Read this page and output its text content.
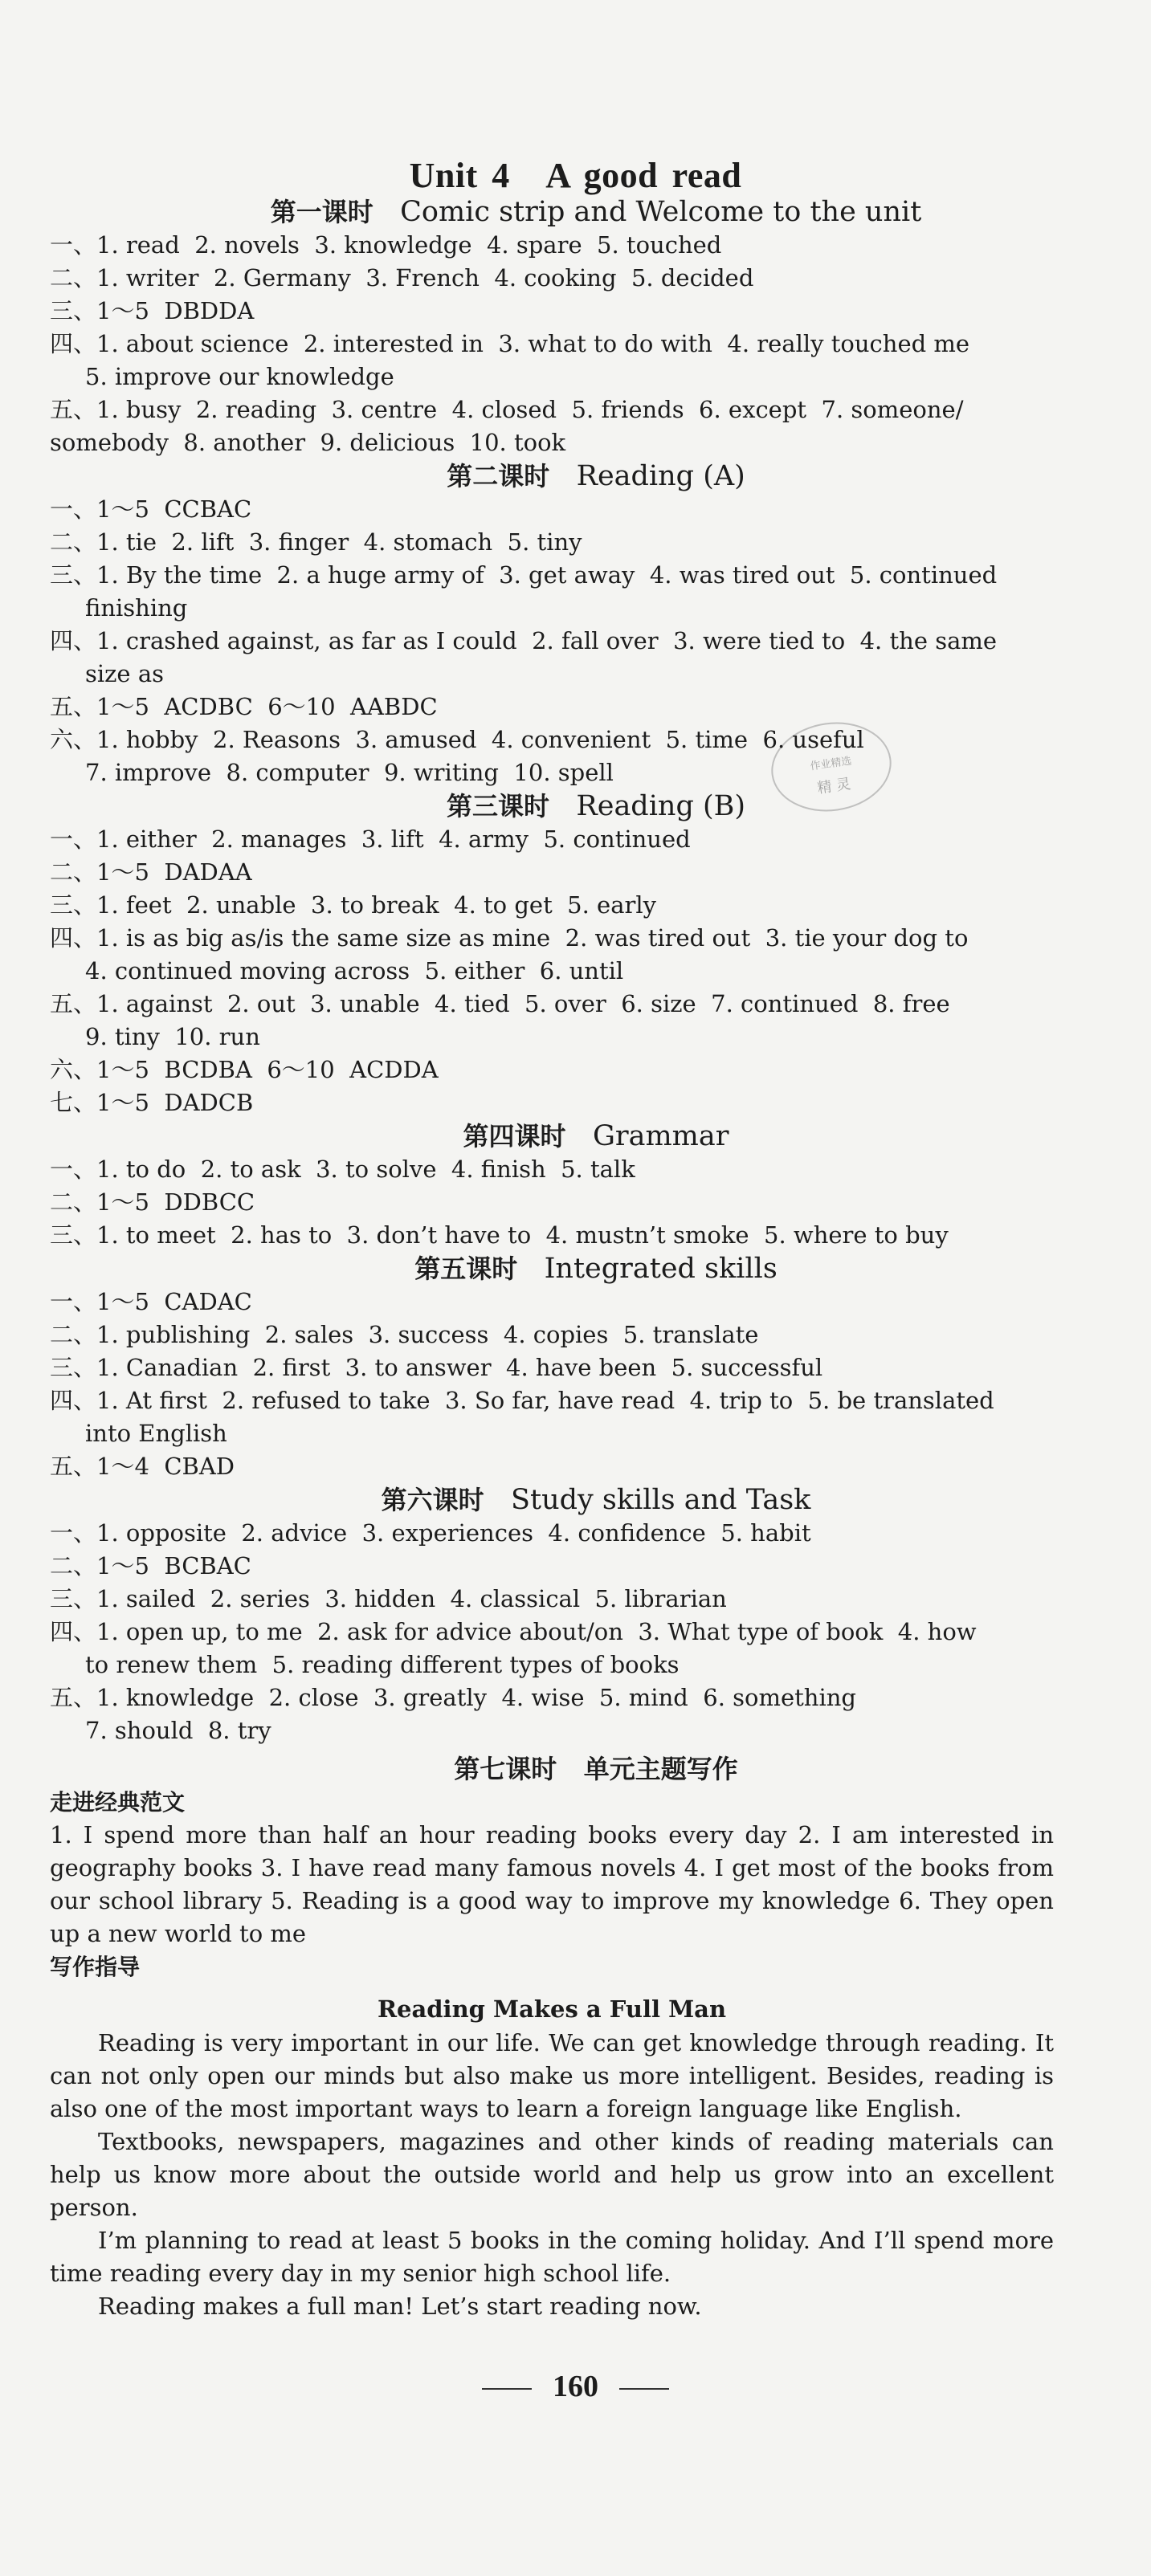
Unit 4　A good read
作业精选
精 灵
第一课时 Comic strip and Welcome to the unit
一、1. read  2. novels  3. knowledge  4. spare  5. touched
二、1. writer  2. Germany  3. French  4. cooking  5. decided
三、1～5  DBDDA
四、1. about science  2. interested in  3. what to do with  4. really touched me
5. improve our knowledge
五、1. busy  2. reading  3. centre  4. closed  5. friends  6. except  7. someone/
somebody  8. another  9. delicious  10. took
第二课时 Reading (A)
一、1～5  CCBAC
二、1. tie  2. lift  3. finger  4. stomach  5. tiny
三、1. By the time  2. a huge army of  3. get away  4. was tired out  5. continued
finishing
四、1. crashed against, as far as I could  2. fall over  3. were tied to  4. the same
size as
五、1～5  ACDBC  6～10  AABDC
六、1. hobby  2. Reasons  3. amused  4. convenient  5. time  6. useful
7. improve  8. computer  9. writing  10. spell
第三课时 Reading (B)
一、1. either  2. manages  3. lift  4. army  5. continued
二、1～5  DADAA
三、1. feet  2. unable  3. to break  4. to get  5. early
四、1. is as big as/is the same size as mine  2. was tired out  3. tie your dog to
4. continued moving across  5. either  6. until
五、1. against  2. out  3. unable  4. tied  5. over  6. size  7. continued  8. free
9. tiny  10. run
六、1～5  BCDBA  6～10  ACDDA
七、1～5  DADCB
第四课时 Grammar
一、1. to do  2. to ask  3. to solve  4. finish  5. talk
二、1～5  DDBCC
三、1. to meet  2. has to  3. don’t have to  4. mustn’t smoke  5. where to buy
第五课时 Integrated skills
一、1～5  CADAC
二、1. publishing  2. sales  3. success  4. copies  5. translate
三、1. Canadian  2. first  3. to answer  4. have been  5. successful
四、1. At first  2. refused to take  3. So far, have read  4. trip to  5. be translated
into English
五、1～4  CBAD
第六课时 Study skills and Task
一、1. opposite  2. advice  3. experiences  4. confidence  5. habit
二、1～5  BCBAC
三、1. sailed  2. series  3. hidden  4. classical  5. librarian
四、1. open up, to me  2. ask for advice about/on  3. What type of book  4. how
to renew them  5. reading different types of books
五、1. knowledge  2. close  3. greatly  4. wise  5. mind  6. something
7. should  8. try
第七课时 单元主题写作
走进经典范文
1. I spend more than half an hour reading books every day 2. I am interested in geography books 3. I have read many famous novels 4. I get most of the books from our school library 5. Reading is a good way to improve my knowledge 6. They open up a new world to me
写作指导
Reading Makes a Full Man

Reading is very important in our life. We can get knowledge through reading. It can not only open our minds but also make us more intelligent. Besides, reading is also one of the most important ways to learn a foreign language like English.

Textbooks, newspapers, magazines and other kinds of reading materials can help us know more about the outside world and help us grow into an excellent person.

I’m planning to read at least 5 books in the coming holiday. And I’ll spend more time reading every day in my senior high school life.

Reading makes a full man! Let’s start reading now.

160
